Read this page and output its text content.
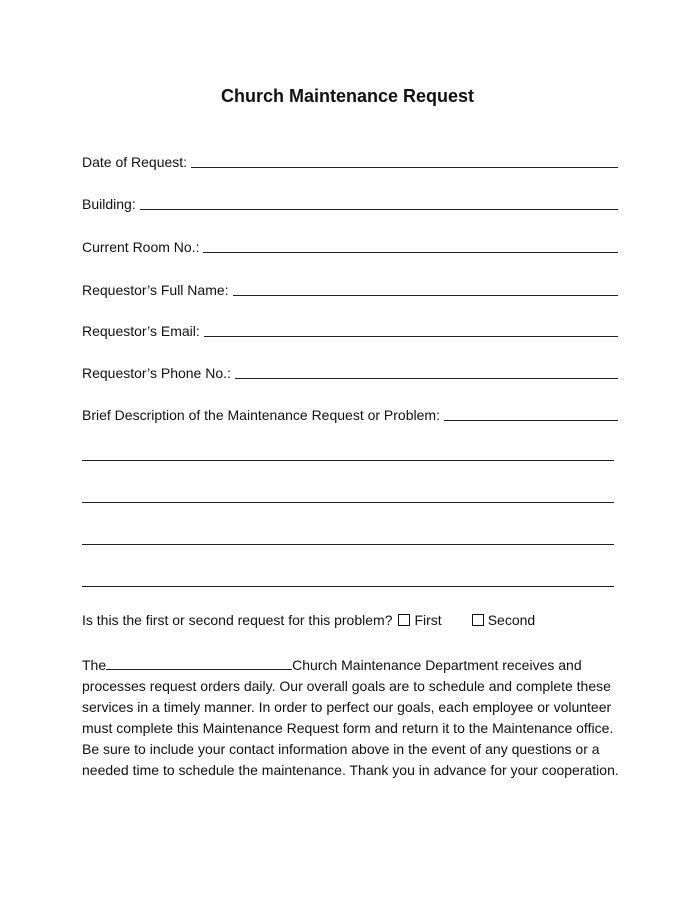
Church Maintenance Request
Date of Request:
Building:
Current Room No.:
Requestor’s Full Name:
Requestor’s Email:
Requestor’s Phone No.:
Brief Description of the Maintenance Request or Problem:
Is this the first or second request for this problem? First	Second
The	Church Maintenance Department receives and processes request orders daily. Our overall goals are to schedule and complete these services in a timely manner. In order to perfect our goals, each employee or volunteer must complete this Maintenance Request form and return it to the Maintenance office. Be sure to include your contact information above in the event of any questions or a needed time to schedule the maintenance. Thank you in advance for your cooperation.
